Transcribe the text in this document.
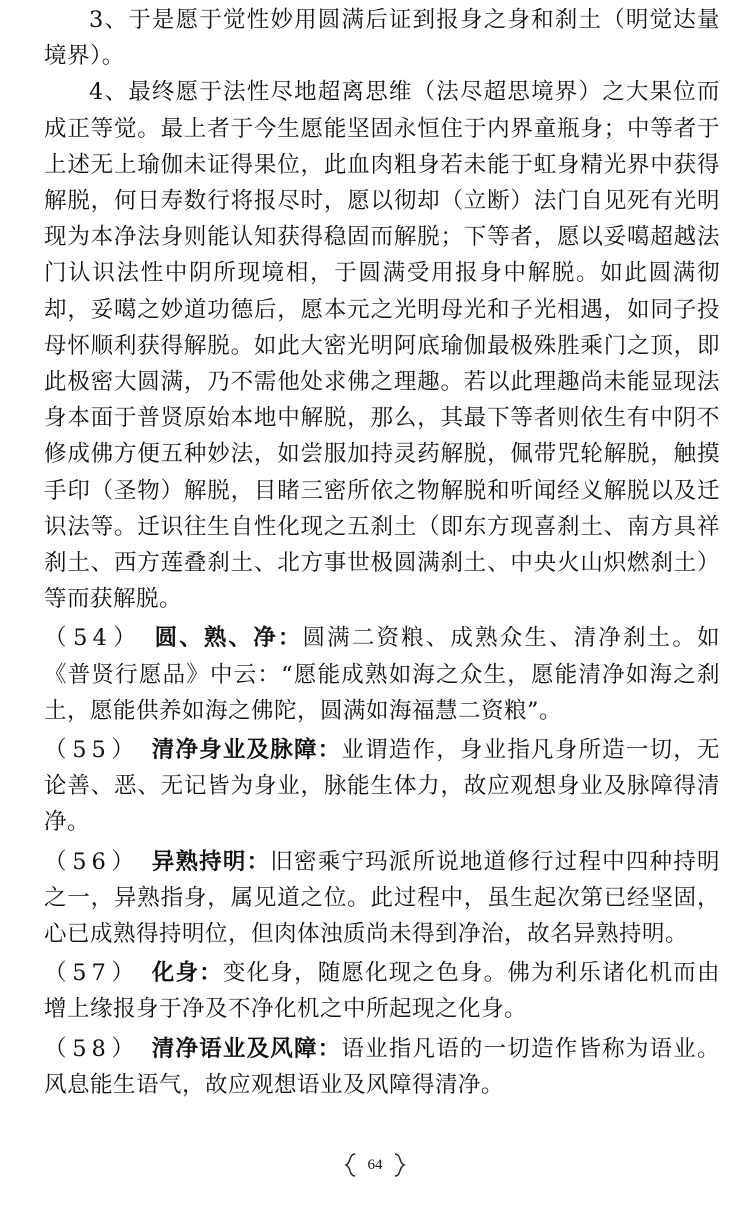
3、于是愿于觉性妙用圆满后证到报身之身和刹土（明觉达量境界）。

4、最终愿于法性尽地超离思维（法尽超思境界）之大果位而成正等觉。最上者于今生愿能坚固永恒住于内界童瓶身；中等者于上述无上瑜伽未证得果位，此血肉粗身若未能于虹身精光界中获得解脱，何日寿数行将报尽时，愿以彻却（立断）法门自见死有光明现为本净法身则能认知获得稳固而解脱；下等者，愿以妥噶超越法门认识法性中阴所现境相，于圆满受用报身中解脱。如此圆满彻却，妥噶之妙道功德后，愿本元之光明母光和子光相遇，如同子投母怀顺利获得解脱。如此大密光明阿底瑜伽最极殊胜乘门之顶，即此极密大圆满，乃不需他处求佛之理趣。若以此理趣尚未能显现法身本面于普贤原始本地中解脱，那么，其最下等者则依生有中阴不修成佛方便五种妙法，如尝服加持灵药解脱，佩带咒轮解脱，触摸手印（圣物）解脱，目睹三密所依之物解脱和听闻经义解脱以及迁识法等。迁识往生自性化现之五刹土（即东方现喜刹土、南方具祥刹土、西方莲叠刹土、北方事世极圆满刹土、中央火山炽燃刹土）等而获解脱。

（54） 圆、熟、净：圆满二资粮、成熟众生、清净刹土。如《普贤行愿品》中云：“愿能成熟如海之众生，愿能清净如海之刹土，愿能供养如海之佛陀，圆满如海福慧二资粮”。

（55） 清净身业及脉障：业谓造作，身业指凡身所造一切，无论善、恶、无记皆为身业，脉能生体力，故应观想身业及脉障得清净。

（56） 异熟持明：旧密乘宁玛派所说地道修行过程中四种持明之一，异熟指身，属见道之位。此过程中，虽生起次第已经坚固，心已成熟得持明位，但肉体浊质尚未得到净治，故名异熟持明。

（57） 化身：变化身，随愿化现之色身。佛为利乐诸化机而由增上缘报身于净及不净化机之中所起现之化身。

（58） 清净语业及风障：语业指凡语的一切造作皆称为语业。风息能生语气，故应观想语业及风障得清净。

64
